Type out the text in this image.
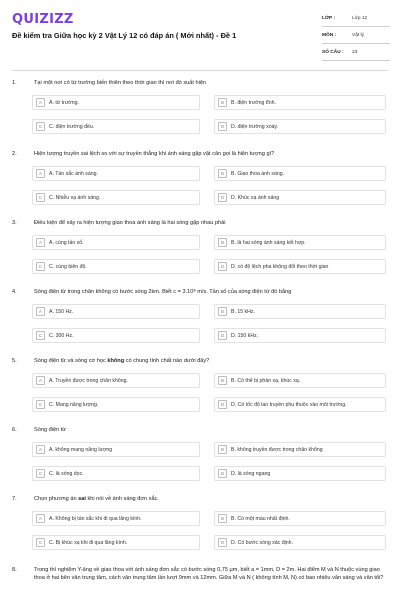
QUIZIZZ
Đề kiểm tra Giữa học kỳ 2 Vật Lý 12 có đáp án ( Mới nhất) - Đề 1
LỚP :	Lớp 12
MÔN :	Vật lý
SỐ CÂU :	23
1.	Tại một nơi có từ trường biến thiên theo thời gian thì nơi đó xuất hiện
A	A. từ trường.	B	B. điện trường tĩnh.
C	C. điện trường đều.	D	D. điện trường xoáy.
2.	Hiện tượng truyền sai lệch so với sự truyền thẳng khi ánh sáng gặp vật cản gọi là hiện tượng gì?
A	A. Tán sắc ánh sáng.	B	B. Giao thoa ánh sáng.
C	C. Nhiễu xạ ánh sáng.	D	D. Khúc xạ ánh sáng
3.	Điều kiện để xảy ra hiện tượng giao thoa ánh sáng là hai sóng gặp nhau phải
A	A. cùng tần số.	B	B. là hai sóng ánh sáng kết hợp.
C	C. cùng biên độ.	D	D. có độ lệch pha không đổi theo thời gian
4.	Sóng điện từ trong chân không có bước sóng 2km. Biết c = 3.10⁸ m/s. Tần số của sóng điện từ đó bằng
A	A. 150 Hz.	B	B. 15 kHz.
C	C. 300 Hz.	D	D. 150 kHz.
5.	Sóng điện từ và sóng cơ học không có chung tính chất nào dưới đây?
A	A. Truyền được trong chân không.	B	B. Có thể bị phản xạ, khúc xạ.
C	C. Mang năng lượng.	D	D. Có tốc độ lan truyền phụ thuộc vào môi trường.
6.	Sóng điện từ
A	A. không mang năng lượng	B	B. không truyền được trong chân không
C	C. là sóng dọc.	D	D. là sóng ngang
7.	Chọn phương án sai khi nói về ánh sáng đơn sắc.
A	A. Không bị tán sắc khi đi qua lăng kính.	B	B. Có một màu nhất định.
C	C. Bị khúc xạ khi đi qua lăng kính.	D	D. Có bước sóng xác định.
8.	Trong thí nghiệm Y-âng về giao thoa với ánh sáng đơn sắc có bước sóng 0,75 μm, biết a = 1mm, D = 2m. Hai điểm M và N thuộc vùng giao thoa ở hai bên vân trung tâm, cách vân trung tâm lần lượt 9mm và 12mm. Giữa M và N ( không tính M, N) có bao nhiêu vân sáng và vân tối?
